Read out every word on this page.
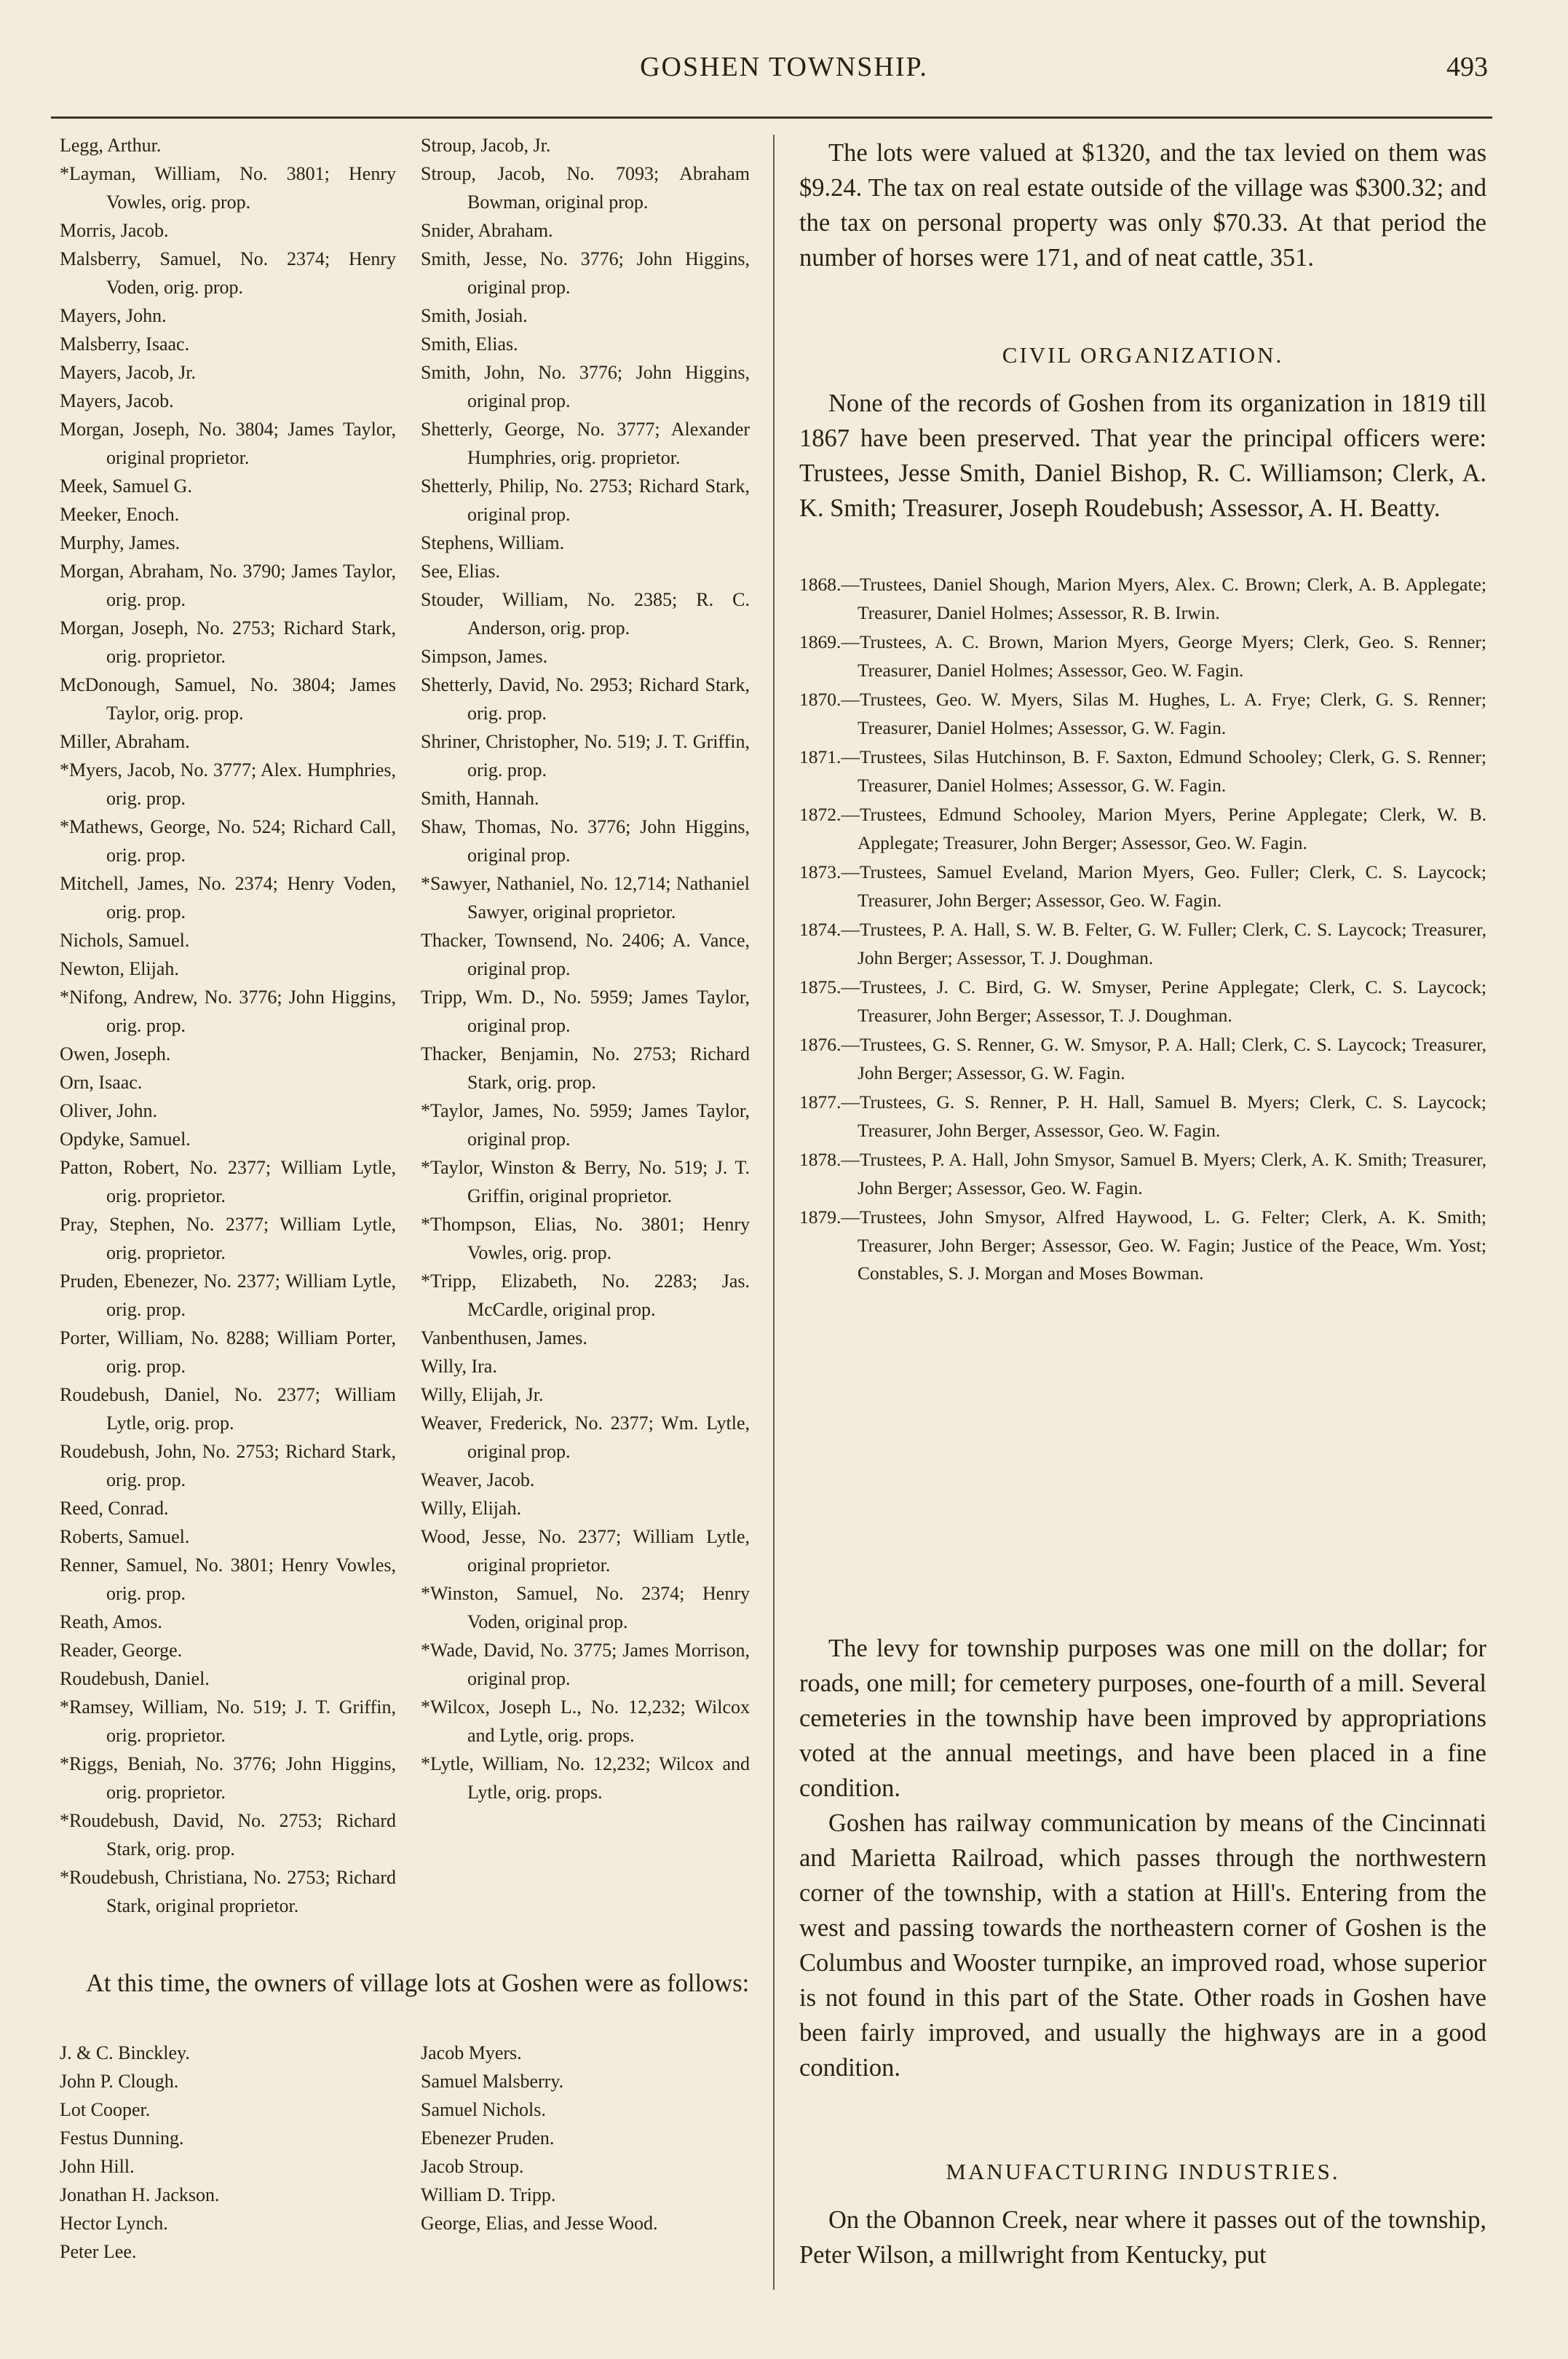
GOSHEN TOWNSHIP.	493
Legg, Arthur.
*Layman, William, No. 3801; Henry Vowles, orig. prop.
Morris, Jacob.
Malsberry, Samuel, No. 2374; Henry Voden, orig. prop.
Mayers, John.
Malsberry, Isaac.
Mayers, Jacob, Jr.
Mayers, Jacob.
Morgan, Joseph, No. 3804; James Taylor, original proprietor.
Meek, Samuel G.
Meeker, Enoch.
Murphy, James.
Morgan, Abraham, No. 3790; James Taylor, orig. prop.
Morgan, Joseph, No. 2753; Richard Stark, orig. proprietor.
McDonough, Samuel, No. 3804; James Taylor, orig. prop.
Miller, Abraham.
*Myers, Jacob, No. 3777; Alex. Humphries, orig. prop.
*Mathews, George, No. 524; Richard Call, orig. prop.
Mitchell, James, No. 2374; Henry Voden, orig. prop.
Nichols, Samuel.
Newton, Elijah.
*Nifong, Andrew, No. 3776; John Higgins, orig. prop.
Owen, Joseph.
Orn, Isaac.
Oliver, John.
Opdyke, Samuel.
Patton, Robert, No. 2377; William Lytle, orig. proprietor.
Pray, Stephen, No. 2377; William Lytle, orig. proprietor.
Pruden, Ebenezer, No. 2377; William Lytle, orig. prop.
Porter, William, No. 8288; William Porter, orig. prop.
Roudebush, Daniel, No. 2377; William Lytle, orig. prop.
Roudebush, John, No. 2753; Richard Stark, orig. prop.
Reed, Conrad.
Roberts, Samuel.
Renner, Samuel, No. 3801; Henry Vowles, orig. prop.
Reath, Amos.
Reader, George.
Roudebush, Daniel.
*Ramsey, William, No. 519; J. T. Griffin, orig. proprietor.
*Riggs, Beniah, No. 3776; John Higgins, orig. proprietor.
*Roudebush, David, No. 2753; Richard Stark, orig. prop.
*Roudebush, Christiana, No. 2753; Richard Stark, original proprietor.
Stroup, Jacob, Jr.
Stroup, Jacob, No. 7093; Abraham Bowman, original prop.
Snider, Abraham.
Smith, Jesse, No. 3776; John Higgins, original prop.
Smith, Josiah.
Smith, Elias.
Smith, John, No. 3776; John Higgins, original prop.
Shetterly, George, No. 3777; Alexander Humphries, orig. proprietor.
Shetterly, Philip, No. 2753; Richard Stark, original prop.
Stephens, William.
See, Elias.
Stouder, William, No. 2385; R. C. Anderson, orig. prop.
Simpson, James.
Shetterly, David, No. 2953; Richard Stark, orig. prop.
Shriner, Christopher, No. 519; J. T. Griffin, orig. prop.
Smith, Hannah.
Shaw, Thomas, No. 3776; John Higgins, original prop.
*Sawyer, Nathaniel, No. 12,714; Nathaniel Sawyer, original proprietor.
Thacker, Townsend, No. 2406; A. Vance, original prop.
Tripp, Wm. D., No. 5959; James Taylor, original prop.
Thacker, Benjamin, No. 2753; Richard Stark, orig. prop.
*Taylor, James, No. 5959; James Taylor, original prop.
*Taylor, Winston & Berry, No. 519; J. T. Griffin, original proprietor.
*Thompson, Elias, No. 3801; Henry Vowles, orig. prop.
*Tripp, Elizabeth, No. 2283; Jas. McCardle, original prop.
Vanbenthusen, James.
Willy, Ira.
Willy, Elijah, Jr.
Weaver, Frederick, No. 2377; Wm. Lytle, original prop.
Weaver, Jacob.
Willy, Elijah.
Wood, Jesse, No. 2377; William Lytle, original proprietor.
*Winston, Samuel, No. 2374; Henry Voden, original prop.
*Wade, David, No. 3775; James Morrison, original prop.
*Wilcox, Joseph L., No. 12,232; Wilcox and Lytle, orig. props.
*Lytle, William, No. 12,232; Wilcox and Lytle, orig. props.

At this time, the owners of village lots at Goshen were as follows:

J. & C. Binckley.
John P. Clough.
Lot Cooper.
Festus Dunning.
John Hill.
Jonathan H. Jackson.
Hector Lynch.
Peter Lee.
Jacob Myers.
Samuel Malsberry.
Samuel Nichols.
Ebenezer Pruden.
Jacob Stroup.
William D. Tripp.
George, Elias, and Jesse Wood.

The lots were valued at $1320, and the tax levied on them was $9.24. The tax on real estate outside of the village was $300.32; and the tax on personal property was only $70.33. At that period the number of horses were 171, and of neat cattle, 351.

CIVIL ORGANIZATION.

None of the records of Goshen from its organization in 1819 till 1867 have been preserved. That year the principal officers were: Trustees, Jesse Smith, Daniel Bishop, R. C. Williamson; Clerk, A. K. Smith; Treasurer, Joseph Roudebush; Assessor, A. H. Beatty.

1868.—Trustees, Daniel Shough, Marion Myers, Alex. C. Brown; Clerk, A. B. Applegate; Treasurer, Daniel Holmes; Assessor, R. B. Irwin.
1869.—Trustees, A. C. Brown, Marion Myers, George Myers; Clerk, Geo. S. Renner; Treasurer, Daniel Holmes; Assessor, Geo. W. Fagin.
1870.—Trustees, Geo. W. Myers, Silas M. Hughes, L. A. Frye; Clerk, G. S. Renner; Treasurer, Daniel Holmes; Assessor, G. W. Fagin.
1871.—Trustees, Silas Hutchinson, B. F. Saxton, Edmund Schooley; Clerk, G. S. Renner; Treasurer, Daniel Holmes; Assessor, G. W. Fagin.
1872.—Trustees, Edmund Schooley, Marion Myers, Perine Applegate; Clerk, W. B. Applegate; Treasurer, John Berger; Assessor, Geo. W. Fagin.
1873.—Trustees, Samuel Eveland, Marion Myers, Geo. Fuller; Clerk, C. S. Laycock; Treasurer, John Berger; Assessor, Geo. W. Fagin.
1874.—Trustees, P. A. Hall, S. W. B. Felter, G. W. Fuller; Clerk, C. S. Laycock; Treasurer, John Berger; Assessor, T. J. Doughman.
1875.—Trustees, J. C. Bird, G. W. Smyser, Perine Applegate; Clerk, C. S. Laycock; Treasurer, John Berger; Assessor, T. J. Doughman.
1876.—Trustees, G. S. Renner, G. W. Smysor, P. A. Hall; Clerk, C. S. Laycock; Treasurer, John Berger; Assessor, G. W. Fagin.
1877.—Trustees, G. S. Renner, P. H. Hall, Samuel B. Myers; Clerk, C. S. Laycock; Treasurer, John Berger, Assessor, Geo. W. Fagin.
1878.—Trustees, P. A. Hall, John Smysor, Samuel B. Myers; Clerk, A. K. Smith; Treasurer, John Berger; Assessor, Geo. W. Fagin.
1879.—Trustees, John Smysor, Alfred Haywood, L. G. Felter; Clerk, A. K. Smith; Treasurer, John Berger; Assessor, Geo. W. Fagin; Justice of the Peace, Wm. Yost; Constables, S. J. Morgan and Moses Bowman.

The levy for township purposes was one mill on the dollar; for roads, one mill; for cemetery purposes, one-fourth of a mill. Several cemeteries in the township have been improved by appropriations voted at the annual meetings, and have been placed in a fine condition.

Goshen has railway communication by means of the Cincinnati and Marietta Railroad, which passes through the northwestern corner of the township, with a station at Hill's. Entering from the west and passing towards the northeastern corner of Goshen is the Columbus and Wooster turnpike, an improved road, whose superior is not found in this part of the State. Other roads in Goshen have been fairly improved, and usually the highways are in a good condition.

MANUFACTURING INDUSTRIES.

On the Obannon Creek, near where it passes out of the township, Peter Wilson, a millwright from Kentucky, put
